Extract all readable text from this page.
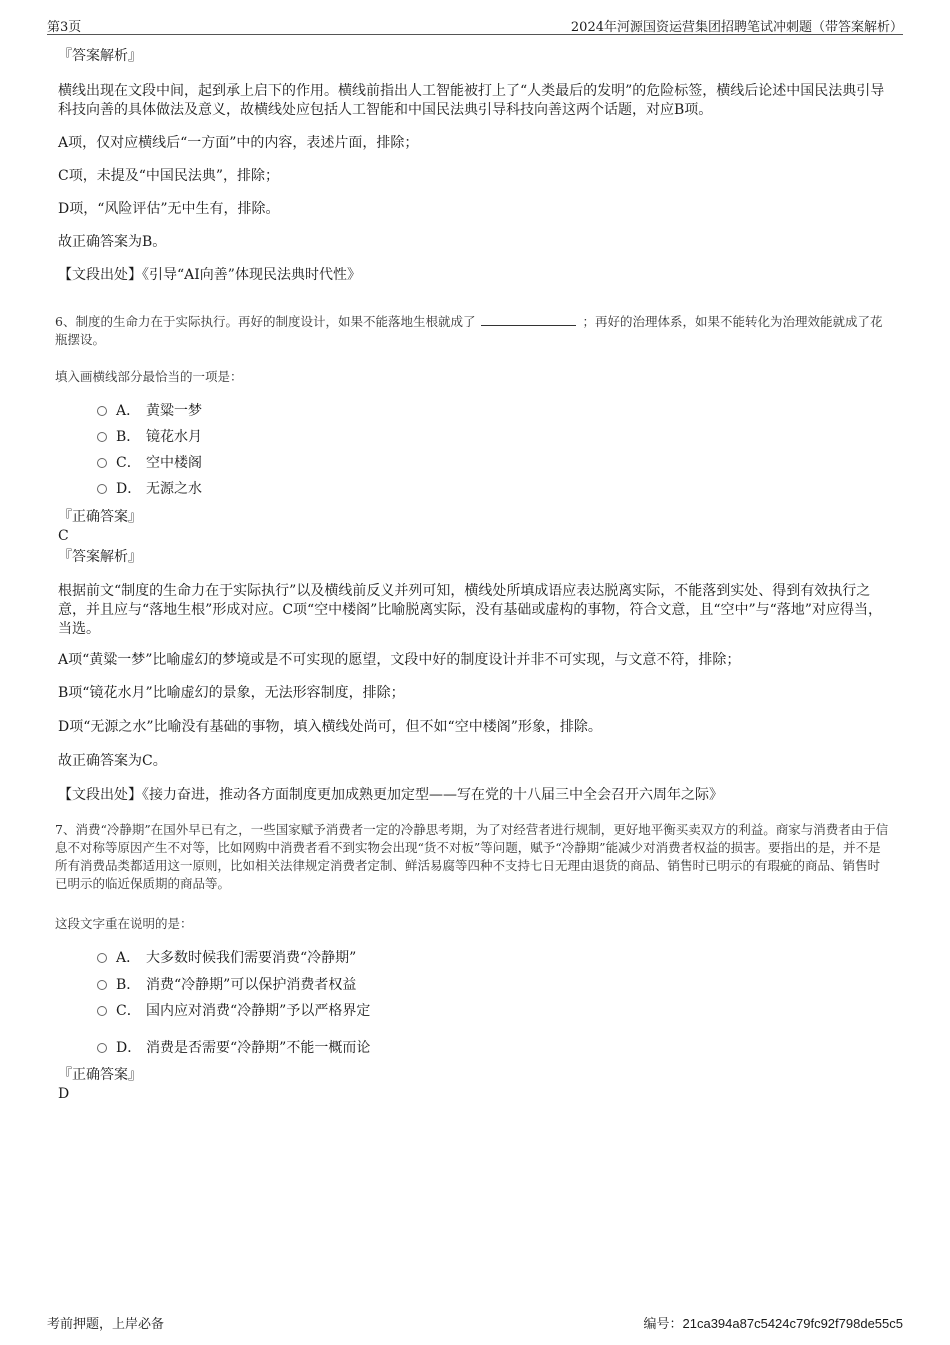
第3页	2024年河源国资运营集团招聘笔试冲刺题（带答案解析）
『答案解析』
横线出现在文段中间，起到承上启下的作用。横线前指出人工智能被打上了“人类最后的发明”的危险标签，横线后论述中国民法典引导科技向善的具体做法及意义，故横线处应包括人工智能和中国民法典引导科技向善这两个话题，对应B项。
A项，仅对应横线后“一方面”中的内容，表述片面，排除；
C项，未提及“中国民法典”，排除；
D项，“风险评估”无中生有，排除。
故正确答案为B。
【文段出处】《引导“AI向善”体现民法典时代性》
6、制度的生命力在于实际执行。再好的制度设计，如果不能落地生根就成了	；再好的治理体系，如果不能转化为治理效能就成了花瓶摆设。
填入画横线部分最恰当的一项是：
A． 黄粱一梦
B． 镜花水月
C． 空中楼阁
D． 无源之水
『正确答案』
C
『答案解析』
根据前文“制度的生命力在于实际执行”以及横线前反义并列可知，横线处所填成语应表达脱离实际，不能落到实处、得到有效执行之意，并且应与“落地生根”形成对应。C项“空中楼阁”比喻脱离实际，没有基础或虚构的事物，符合文意，且“空中”与“落地”对应得当，当选。
A项“黄粱一梦”比喻虚幻的梦境或是不可实现的愿望，文段中好的制度设计并非不可实现，与文意不符，排除；
B项“镜花水月”比喻虚幻的景象，无法形容制度，排除；
D项“无源之水”比喻没有基础的事物，填入横线处尚可，但不如“空中楼阁”形象，排除。
故正确答案为C。
【文段出处】《接力奋进，推动各方面制度更加成熟更加定型——写在党的十八届三中全会召开六周年之际》
7、消费“冷静期”在国外早已有之，一些国家赋予消费者一定的冷静思考期，为了对经营者进行规制，更好地平衡买卖双方的利益。商家与消费者由于信息不对称等原因产生不对等，比如网购中消费者看不到实物会出现“货不对板”等问题，赋予“冷静期”能减少对消费者权益的损害。要指出的是，并不是所有消费品类都适用这一原则，比如相关法律规定消费者定制、鲜活易腐等四种不支持七日无理由退货的商品、销售时已明示的有瑕疵的商品、销售时已明示的临近保质期的商品等。
这段文字重在说明的是：
A． 大多数时候我们需要消费“冷静期”
B． 消费“冷静期”可以保护消费者权益
C． 国内应对消费“冷静期”予以严格界定
D． 消费是否需要“冷静期”不能一概而论
『正确答案』
D
考前押题，上岸必备	编号：21ca394a87c5424c79fc92f798de55c5
